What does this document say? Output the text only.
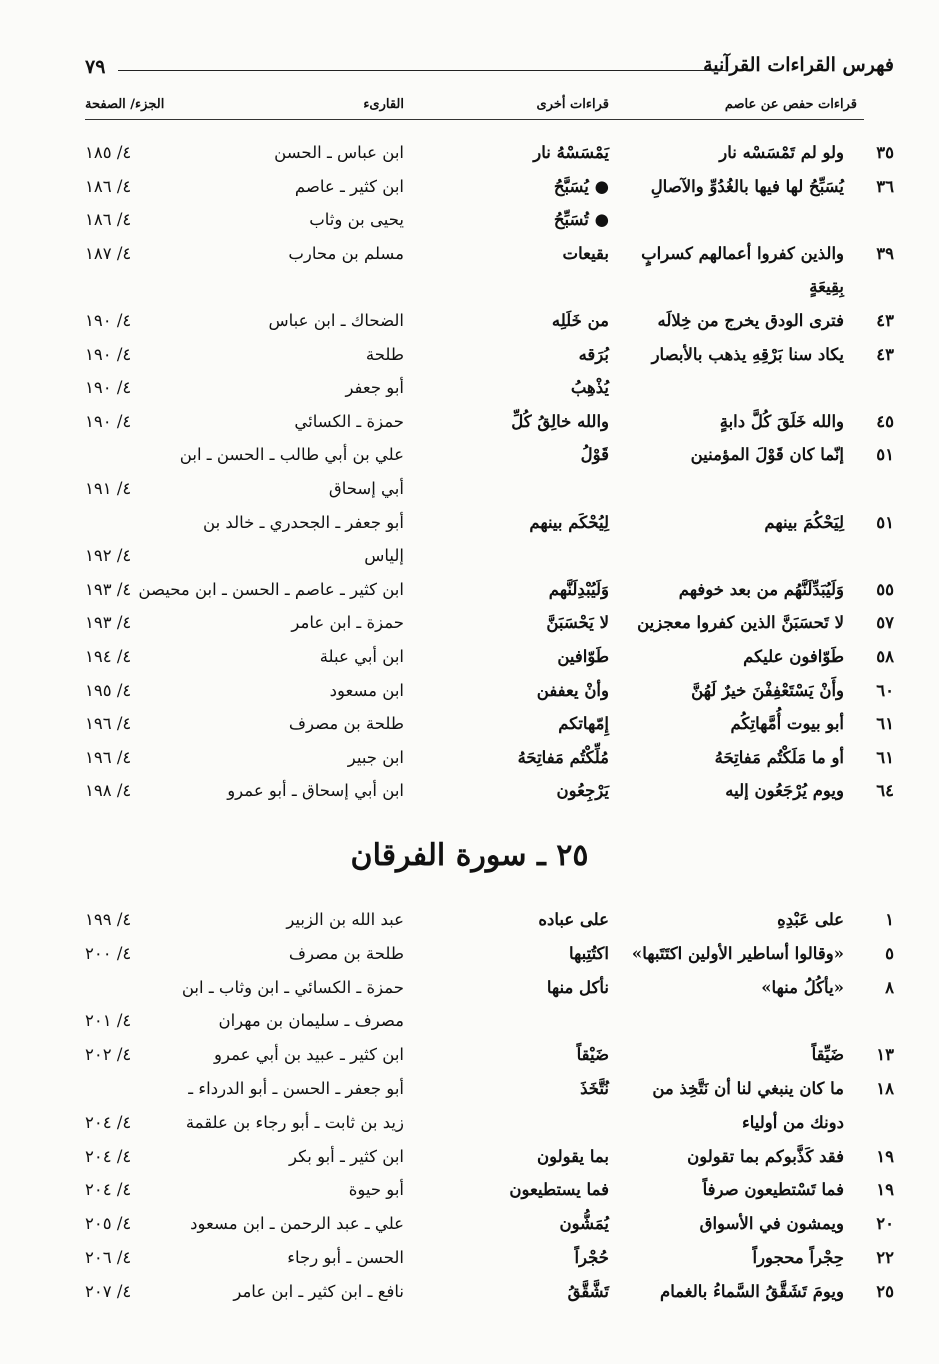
فهرس القراءات القرآنية
٧٩
قراءات حفص عن عاصم
قراءات أخرى
القارىء
الجزء/ الصفحة
٣٥
ولو لم تَمْسَسْه نار
يَمْسَسْهُ نار
ابن عباس ـ الحسن
٤/ ١٨٥
٣٦
يُسَبِّحُ لها فيها بالغُدُوِّ والآصالِ
● يُسَبَّحُ
ابن كثير ـ عاصم
٤/ ١٨٦
● تُسَبِّحُ
يحيى بن وثاب
٤/ ١٨٦
٣٩
والذين كفروا أعمالهم كسرابٍ
بقيعات
مسلم بن محارب
٤/ ١٨٧
بِقِيعَةٍ
٤٣
فترى الودق يخرج من خِلالَه
من خَلَلِه
الضحاك ـ ابن عباس
٤/ ١٩٠
٤٣
يكاد سنا بَرْقِهِ يذهب بالأبصار
بُرَقه
طلحة
٤/ ١٩٠
يُذْهِبُ
أبو جعفر
٤/ ١٩٠
٤٥
والله خَلَقَ كُلَّ دابةٍ
والله خالِقُ كُلِّ
حمزة ـ الكسائي
٤/ ١٩٠
٥١
إنّما كان قَوْلَ المؤمنين
قَوْلُ
علي بن أبي طالب ـ الحسن ـ ابن
أبي إسحاق
٤/ ١٩١
٥١
لِيَحْكُمَ بينهم
لِيُحْكَم بينهم
أبو جعفر ـ الجحدري ـ خالد بن
إلياس
٤/ ١٩٢
٥٥
وَلَيُبَدِّلَنَّهُم من بعد خوفهم
وَلَيُبْدِلَنَّهم
ابن كثير ـ عاصم ـ الحسن ـ ابن محيصن
٤/ ١٩٣
٥٧
لا تَحسَبَنَّ الذين كفروا معجزين
لا يَحْسَبَنَّ
حمزة ـ ابن عامر
٤/ ١٩٣
٥٨
طَوّافون عليكم
طَوّافين
ابن أبي عبلة
٤/ ١٩٤
٦٠
وأَنْ يَسْتَعْفِفْنَ خيرٌ لَهُنَّ
وأنْ يعففن
ابن مسعود
٤/ ١٩٥
٦١
أبو بيوت أُمَّهاتِكُم
إِمّهاتكم
طلحة بن مصرف
٤/ ١٩٦
٦١
أو ما مَلَكْتُم مَفاتِحَهُ
مُلِّكْتُم مَفاتِحَهُ
ابن جبير
٤/ ١٩٦
٦٤
ويوم يُرْجَعُون إليه
يَرْجِعُون
ابن أبي إسحاق ـ أبو عمرو
٤/ ١٩٨
٢٥ ـ سورة الفرقان
١
على عَبْدِهِ
على عباده
عبد الله بن الزبير
٤/ ١٩٩
٥
«وقالوا أساطير الأولين اكتَتَبها»
اكتُتِبها
طلحة بن مصرف
٤/ ٢٠٠
٨
«يأكُلُ منها»
نأكل منها
حمزة ـ الكسائي ـ ابن وثاب ـ ابن
مصرف ـ سليمان بن مهران
٤/ ٢٠١
١٣
ضَيِّقاً
ضَيْقاً
ابن كثير ـ عبيد بن أبي عمرو
٤/ ٢٠٢
١٨
ما كان ينبغي لنا أن نَتَّخِذ من
نُتَّخَذَ
أبو جعفر ـ الحسن ـ أبو الدرداء ـ
دونك من أولياء
زيد بن ثابت ـ أبو رجاء بن علقمة
٤/ ٢٠٤
١٩
فقد كَذَّبوكم بما تقولون
بما يقولون
ابن كثير ـ أبو بكر
٤/ ٢٠٤
١٩
فما تَسْتطيعون صرفاً
فما يستطيعون
أبو حيوة
٤/ ٢٠٤
٢٠
ويمشون في الأسواق
يُمَشُّون
علي ـ عبد الرحمن ـ ابن مسعود
٤/ ٢٠٥
٢٢
حِجْراً محجوراً
حُجْراً
الحسن ـ أبو رجاء
٤/ ٢٠٦
٢٥
ويومَ تَشَقَّقُ السَّماءُ بالغمام
تَشَّقَّقُ
نافع ـ ابن كثير ـ ابن عامر
٤/ ٢٠٧
